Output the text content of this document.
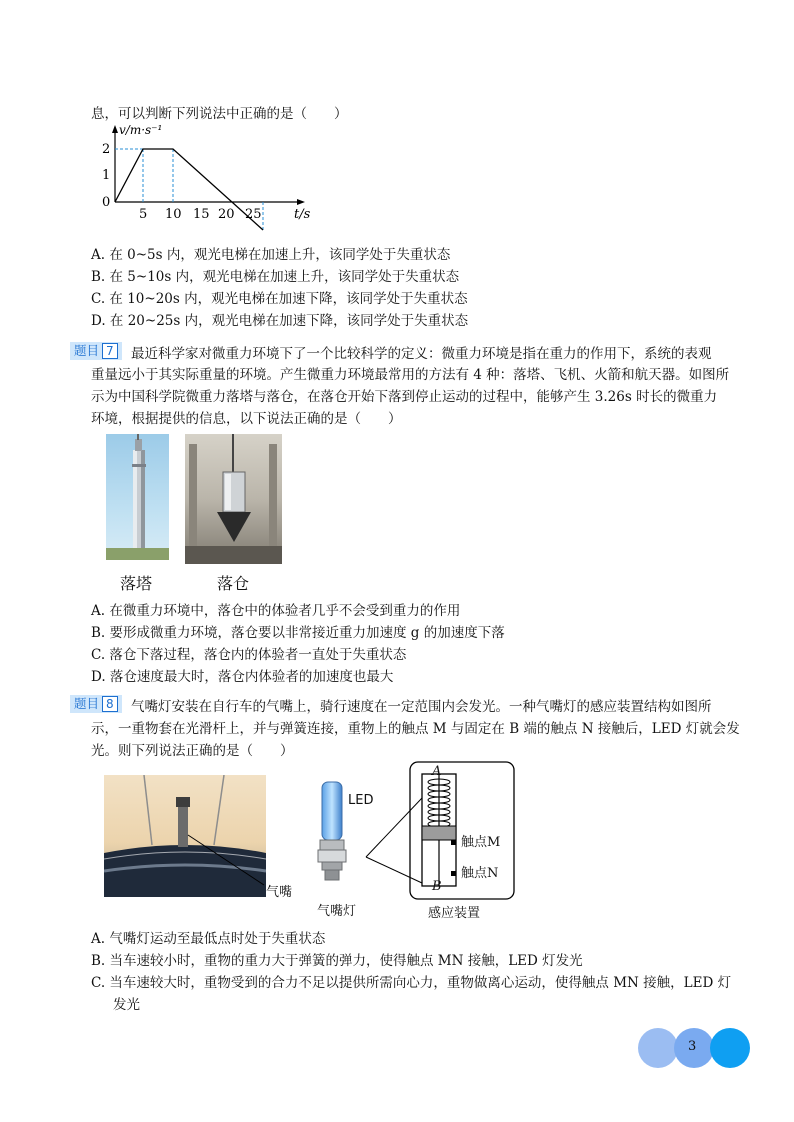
息，可以判断下列说法中正确的是（　　）
v/m·s⁻¹
2
1
0
5 10 15 20 25 t/s
A. 在 0~5s 内，观光电梯在加速上升，该同学处于失重状态
B. 在 5~10s 内，观光电梯在加速上升，该同学处于失重状态
C. 在 10~20s 内，观光电梯在加速下降，该同学处于失重状态
D. 在 20~25s 内，观光电梯在加速下降，该同学处于失重状态
题目 7	最近科学家对微重力环境下了一个比较科学的定义：微重力环境是指在重力的作用下，系统的表观
重量远小于其实际重量的环境。产生微重力环境最常用的方法有 4 种：落塔、飞机、火箭和航天器。如图所
示为中国科学院微重力落塔与落仓，在落仓开始下落到停止运动的过程中，能够产生 3.26s 时长的微重力
环境，根据提供的信息，以下说法正确的是（　　）
落塔	落仓
A. 在微重力环境中，落仓中的体验者几乎不会受到重力的作用
B. 要形成微重力环境，落仓要以非常接近重力加速度 g 的加速度下落
C. 落仓下落过程，落仓内的体验者一直处于失重状态
D. 落仓速度最大时，落仓内体验者的加速度也最大
题目 8	气嘴灯安装在自行车的气嘴上，骑行速度在一定范围内会发光。一种气嘴灯的感应装置结构如图所
示，一重物套在光滑杆上，并与弹簧连接，重物上的触点 M 与固定在 B 端的触点 N 接触后，LED 灯就会发
光。则下列说法正确的是（　　）
气嘴
LED
气嘴灯
A
B
触点M
触点N
感应装置
A. 气嘴灯运动至最低点时处于失重状态
B. 当车速较小时，重物的重力大于弹簧的弹力，使得触点 MN 接触，LED 灯发光
C. 当车速较大时，重物受到的合力不足以提供所需向心力，重物做离心运动，使得触点 MN 接触，LED 灯
发光
3
